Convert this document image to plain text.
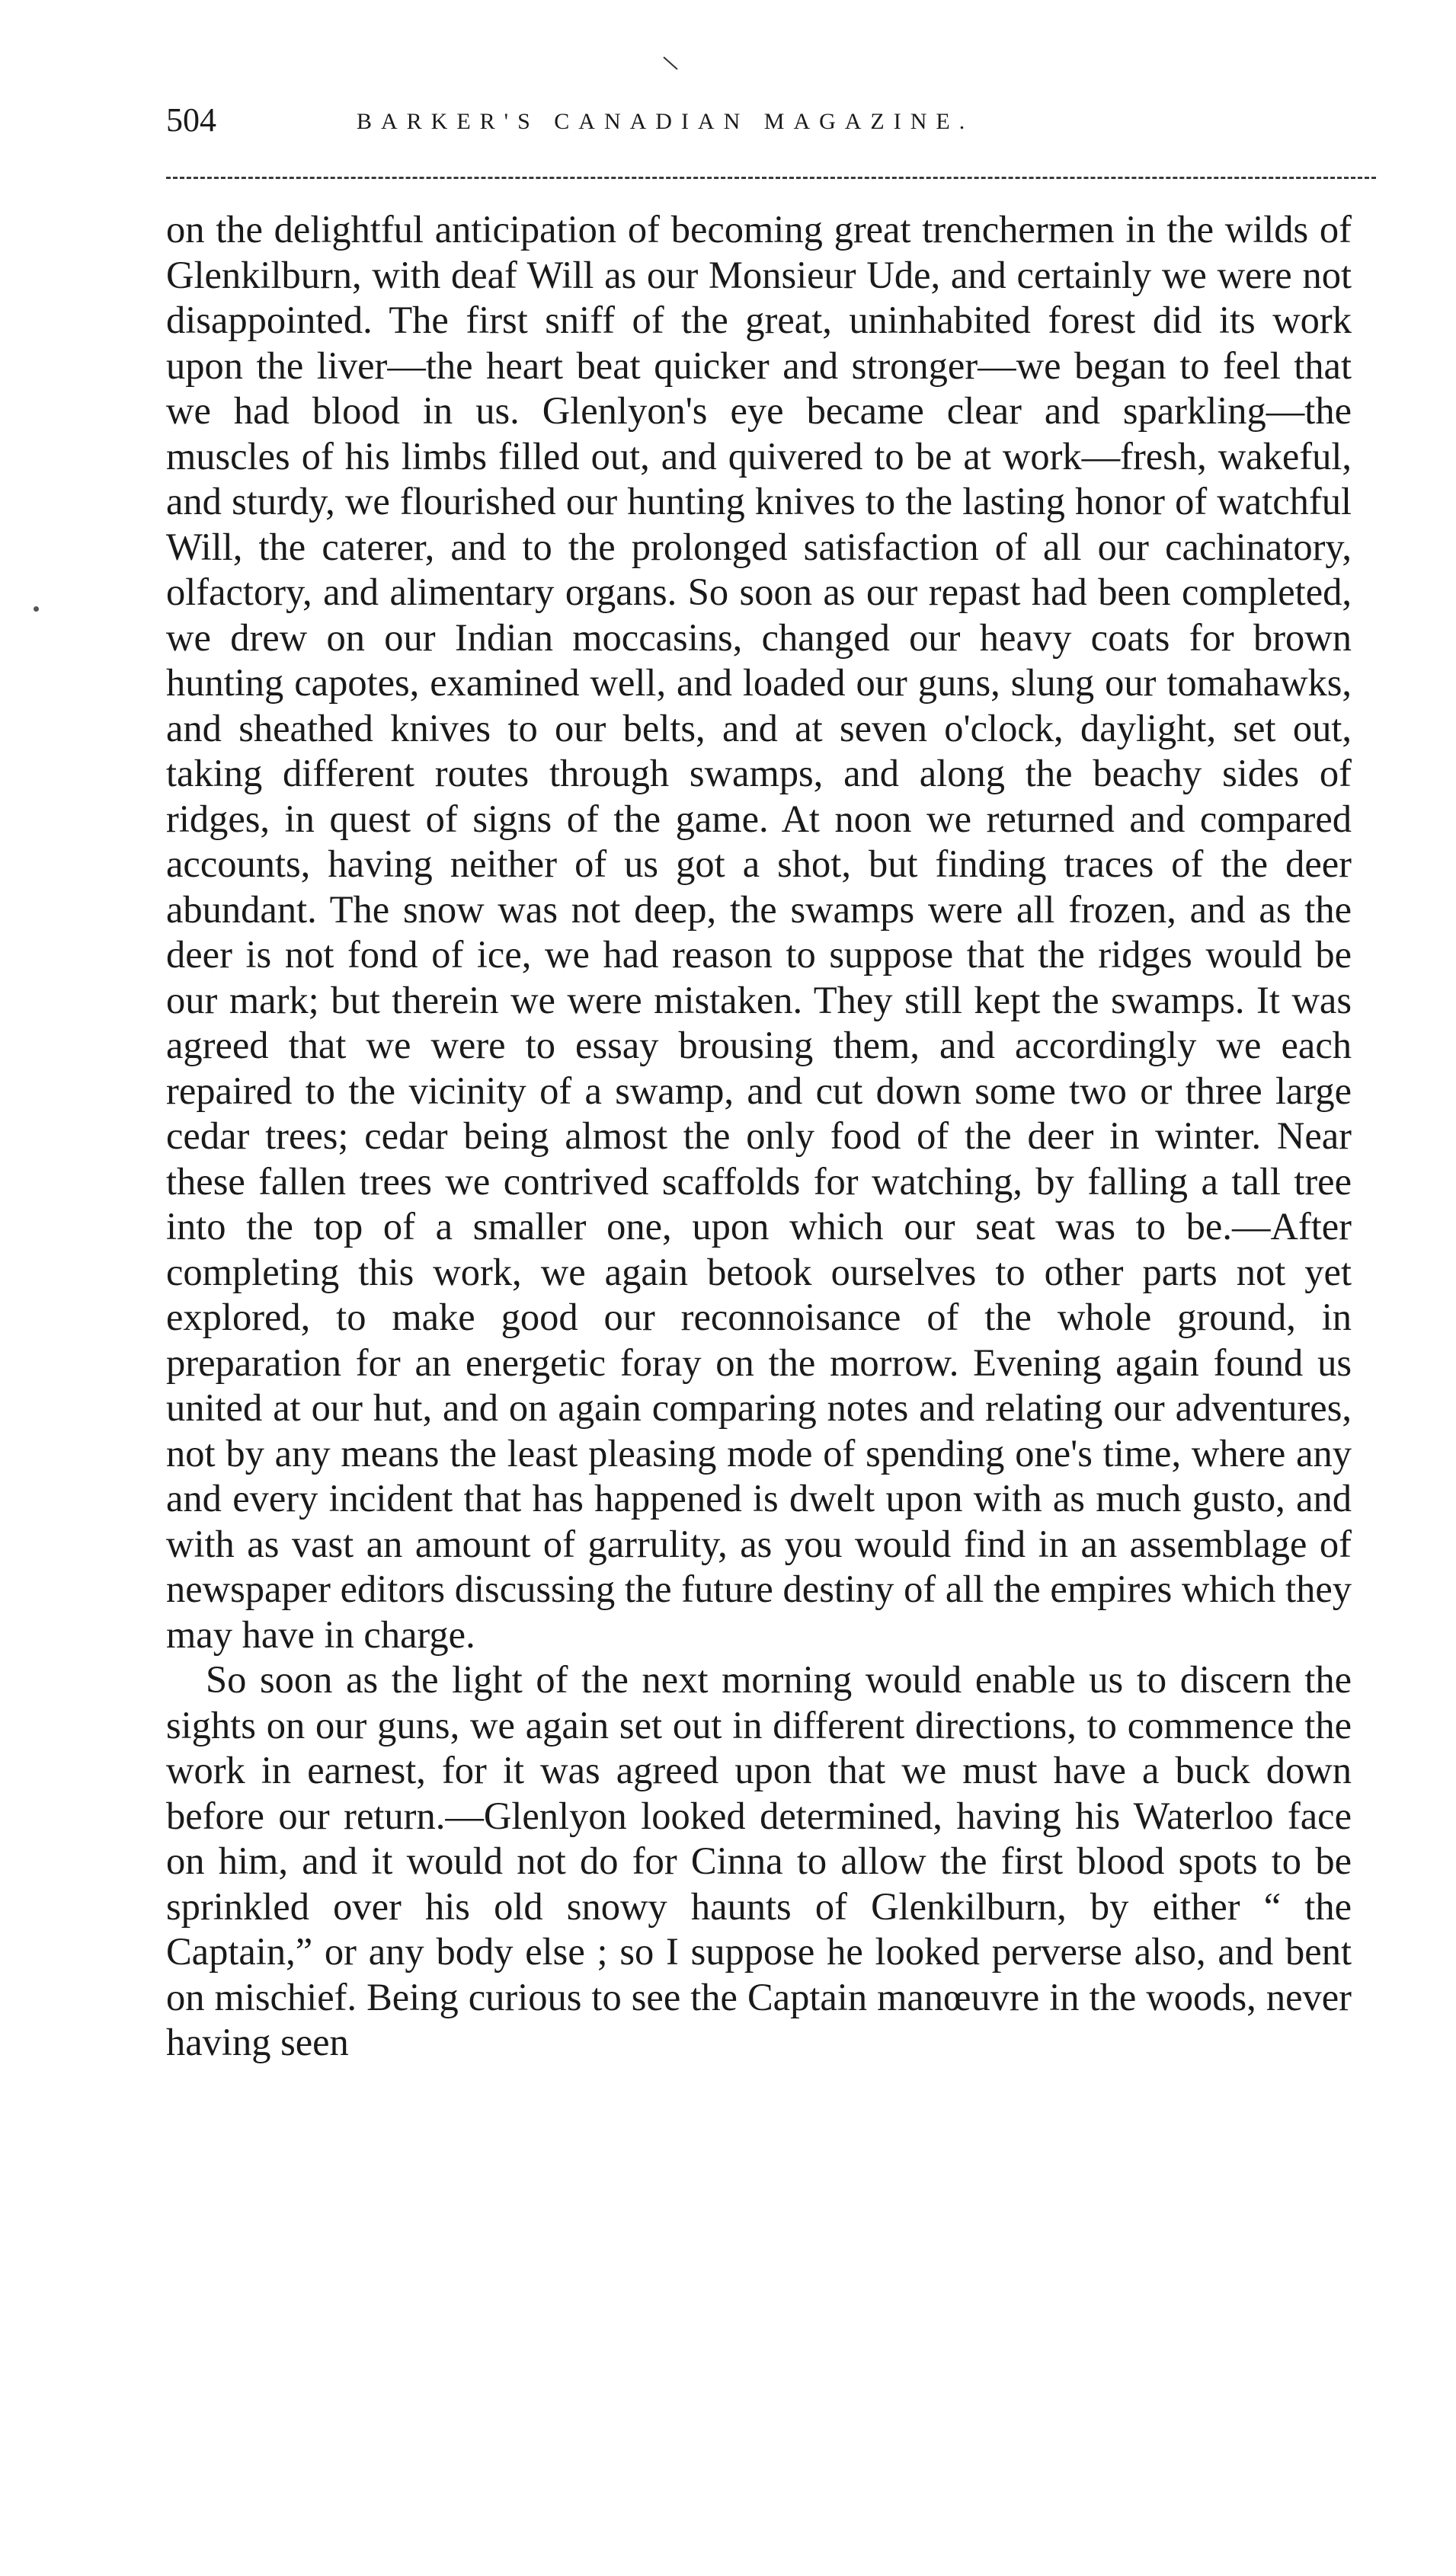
504	BARKER'S CANADIAN MAGAZINE.

on the delightful anticipation of becoming great trenchermen in the wilds of Glenkilburn, with deaf Will as our Monsieur Ude, and certainly we were not disappointed. The first sniff of the great, uninhabited forest did its work upon the liver—the heart beat quicker and stronger—we began to feel that we had blood in us. Glenlyon's eye became clear and sparkling—the muscles of his limbs filled out, and quivered to be at work—fresh, wakeful, and sturdy, we flourished our hunting knives to the lasting honor of watchful Will, the caterer, and to the prolonged satisfaction of all our cachinatory, olfactory, and alimentary organs. So soon as our repast had been completed, we drew on our Indian moccasins, changed our heavy coats for brown hunting capotes, examined well, and loaded our guns, slung our tomahawks, and sheathed knives to our belts, and at seven o'clock, daylight, set out, taking different routes through swamps, and along the beachy sides of ridges, in quest of signs of the game. At noon we returned and compared accounts, having neither of us got a shot, but finding traces of the deer abundant. The snow was not deep, the swamps were all frozen, and as the deer is not fond of ice, we had reason to suppose that the ridges would be our mark; but therein we were mistaken. They still kept the swamps. It was agreed that we were to essay brousing them, and accordingly we each repaired to the vicinity of a swamp, and cut down some two or three large cedar trees; cedar being almost the only food of the deer in winter. Near these fallen trees we contrived scaffolds for watching, by falling a tall tree into the top of a smaller one, upon which our seat was to be.—After completing this work, we again betook ourselves to other parts not yet explored, to make good our reconnoisance of the whole ground, in preparation for an energetic foray on the morrow. Evening again found us united at our hut, and on again comparing notes and relating our adventures, not by any means the least pleasing mode of spending one's time, where any and every incident that has happened is dwelt upon with as much gusto, and with as vast an amount of garrulity, as you would find in an assemblage of newspaper editors discussing the future destiny of all the empires which they may have in charge.

So soon as the light of the next morning would enable us to discern the sights on our guns, we again set out in different directions, to commence the work in earnest, for it was agreed upon that we must have a buck down before our return.—Glenlyon looked determined, having his Waterloo face on him, and it would not do for Cinna to allow the first blood spots to be sprinkled over his old snowy haunts of Glenkilburn, by either “ the Captain,” or any body else ; so I suppose he looked perverse also, and bent on mischief. Being curious to see the Captain manœuvre in the woods, never having seen
